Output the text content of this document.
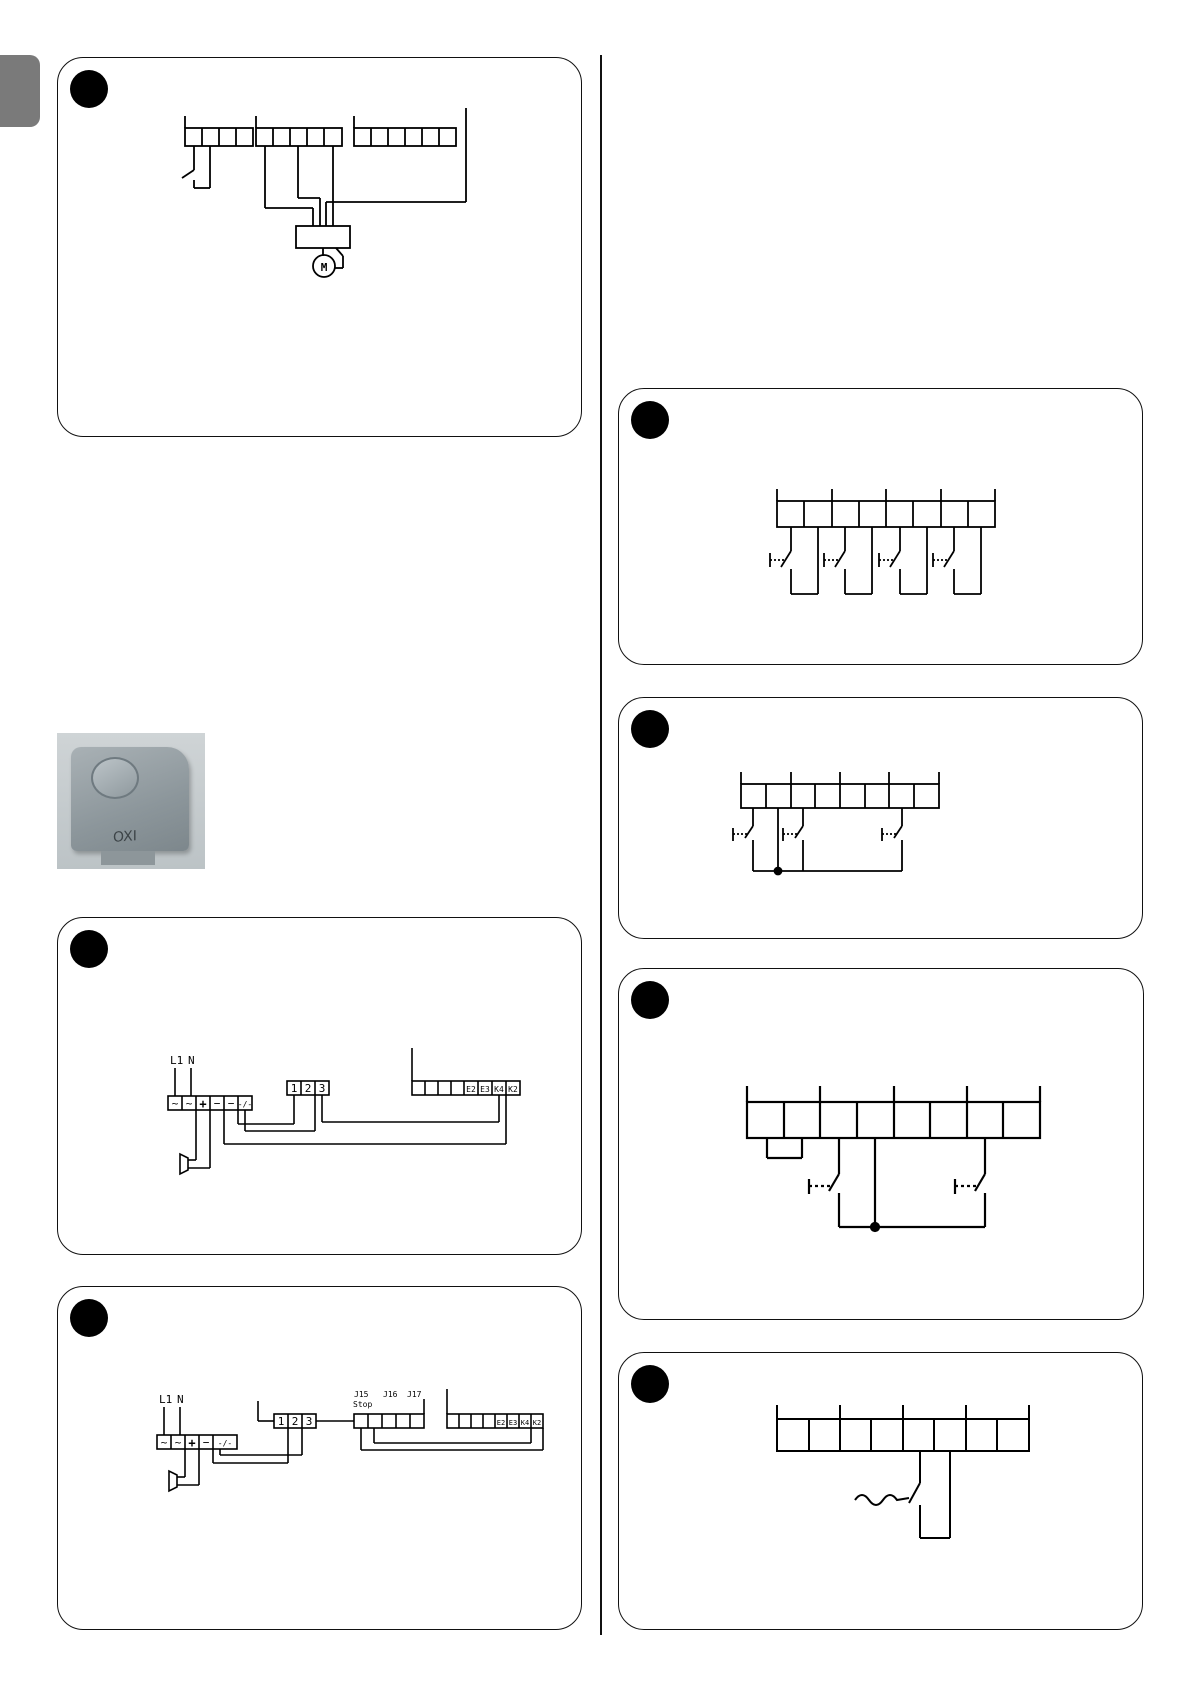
M
OXI
L1 N
~ ~ + − − -/-
1 2 3	E2 E3 K4 K2
L1 N
~ ~ + − -/-
1 2 3
J15 J16 J17
Stop
E2 E3 K4 K2
